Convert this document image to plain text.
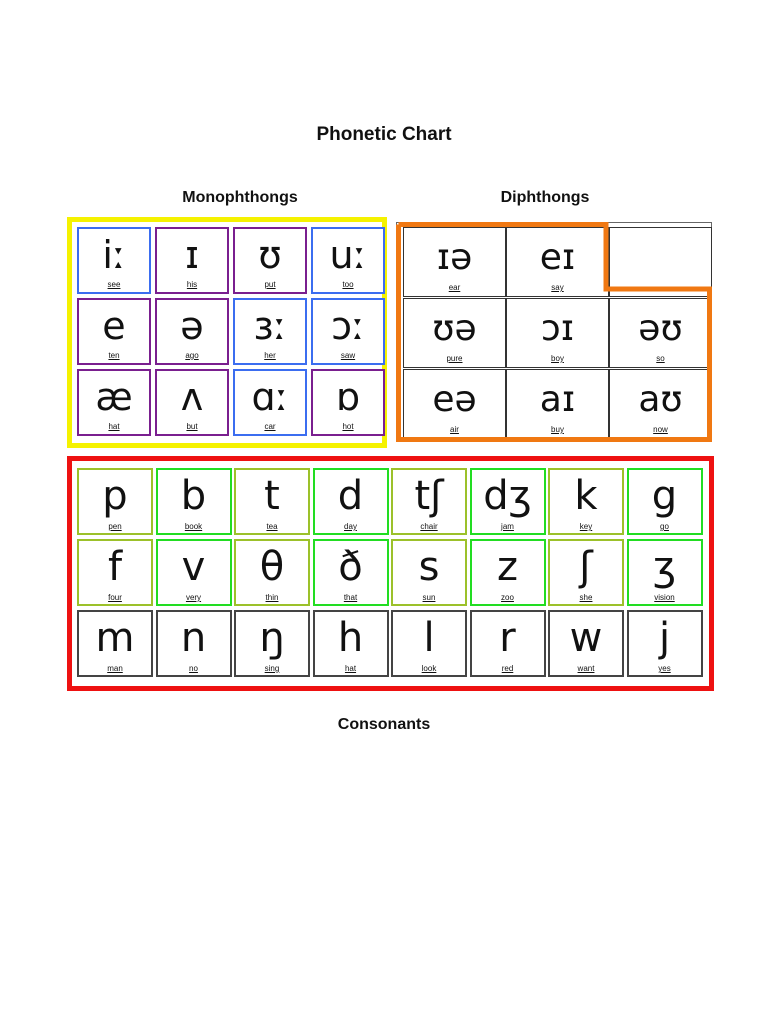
Phonetic Chart
Monophthongs	Diphthongs
iː
see
ɪ
his
ʊ
put
uː
too
e
ten
ə
ago
ɜː
her
ɔː
saw
æ
hat
ʌ
but
ɑː
car
ɒ
hot
ɪə
ear
eɪ
say
ʊə
pure
ɔɪ
boy
əʊ
so
eə
air
aɪ
buy
aʊ
now
p
pen
b
book
t
tea
d
day
tʃ
chair
dʒ
jam
k
key
g
go
f
four
v
very
θ
thin
ð
that
s
sun
z
zoo
ʃ
she
ʒ
vision
m
man
n
no
ŋ
sing
h
hat
l
look
r
red
w
want
j
yes
Consonants
